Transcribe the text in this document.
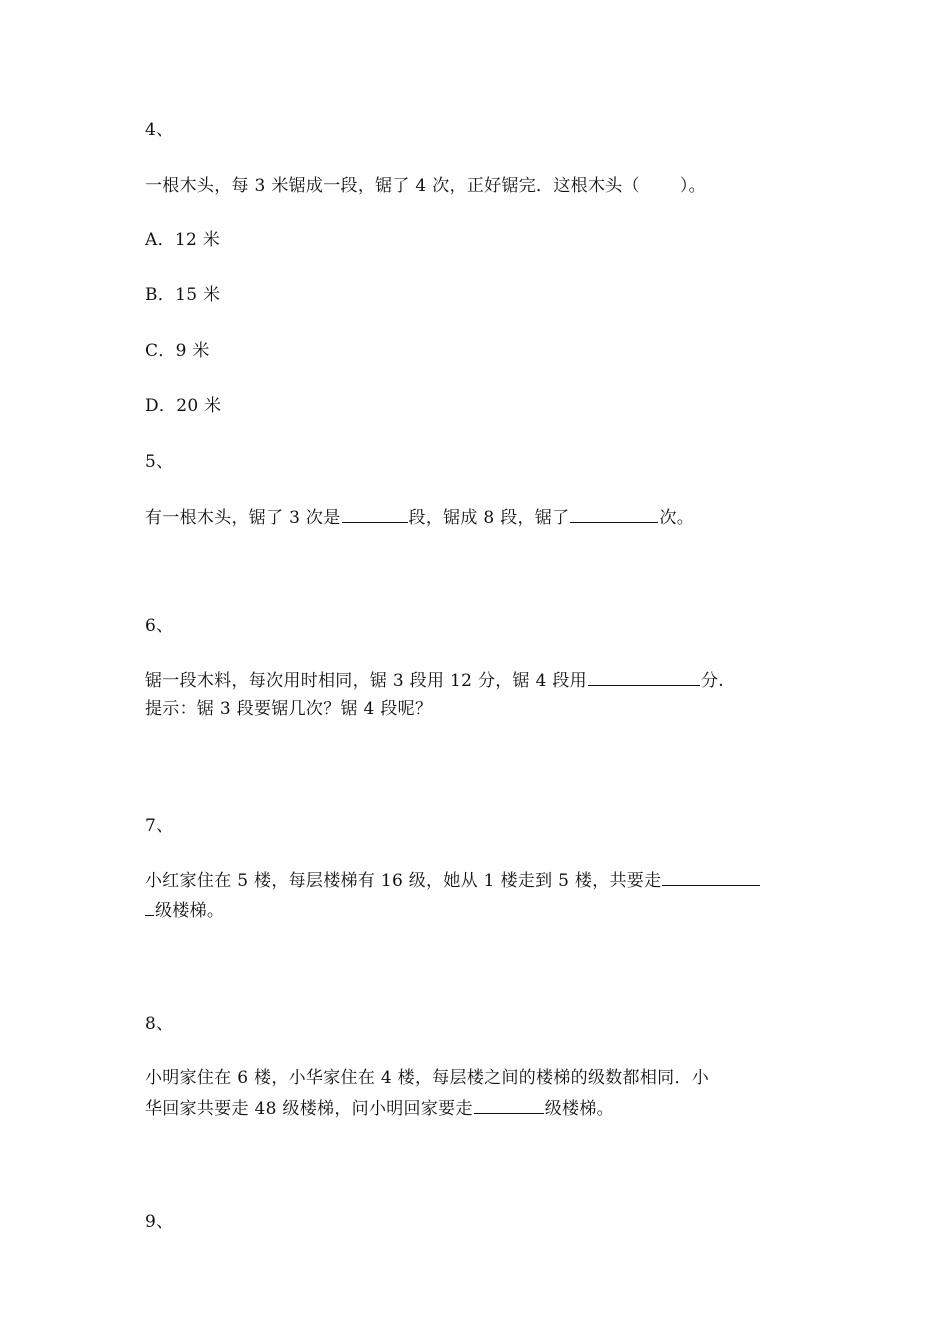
4、
一根木头，每 3 米锯成一段，锯了 4 次，正好锯完．这根木头（ ）。
A．12 米
B．15 米
C．9 米
D．20 米
5、
有一根木头，锯了 3 次是	段，锯成 8 段，锯了	次。
6、
锯一段木料，每次用时相同，锯 3 段用 12 分，锯 4 段用	分.
提示：锯 3 段要锯几次？锯 4 段呢？
7、
小红家住在 5 楼，每层楼梯有 16 级，她从 1 楼走到 5 楼，共要走
级楼梯。
8、
小明家住在 6 楼，小华家住在 4 楼，每层楼之间的楼梯的级数都相同．小
华回家共要走 48 级楼梯，问小明回家要走	级楼梯。
9、
